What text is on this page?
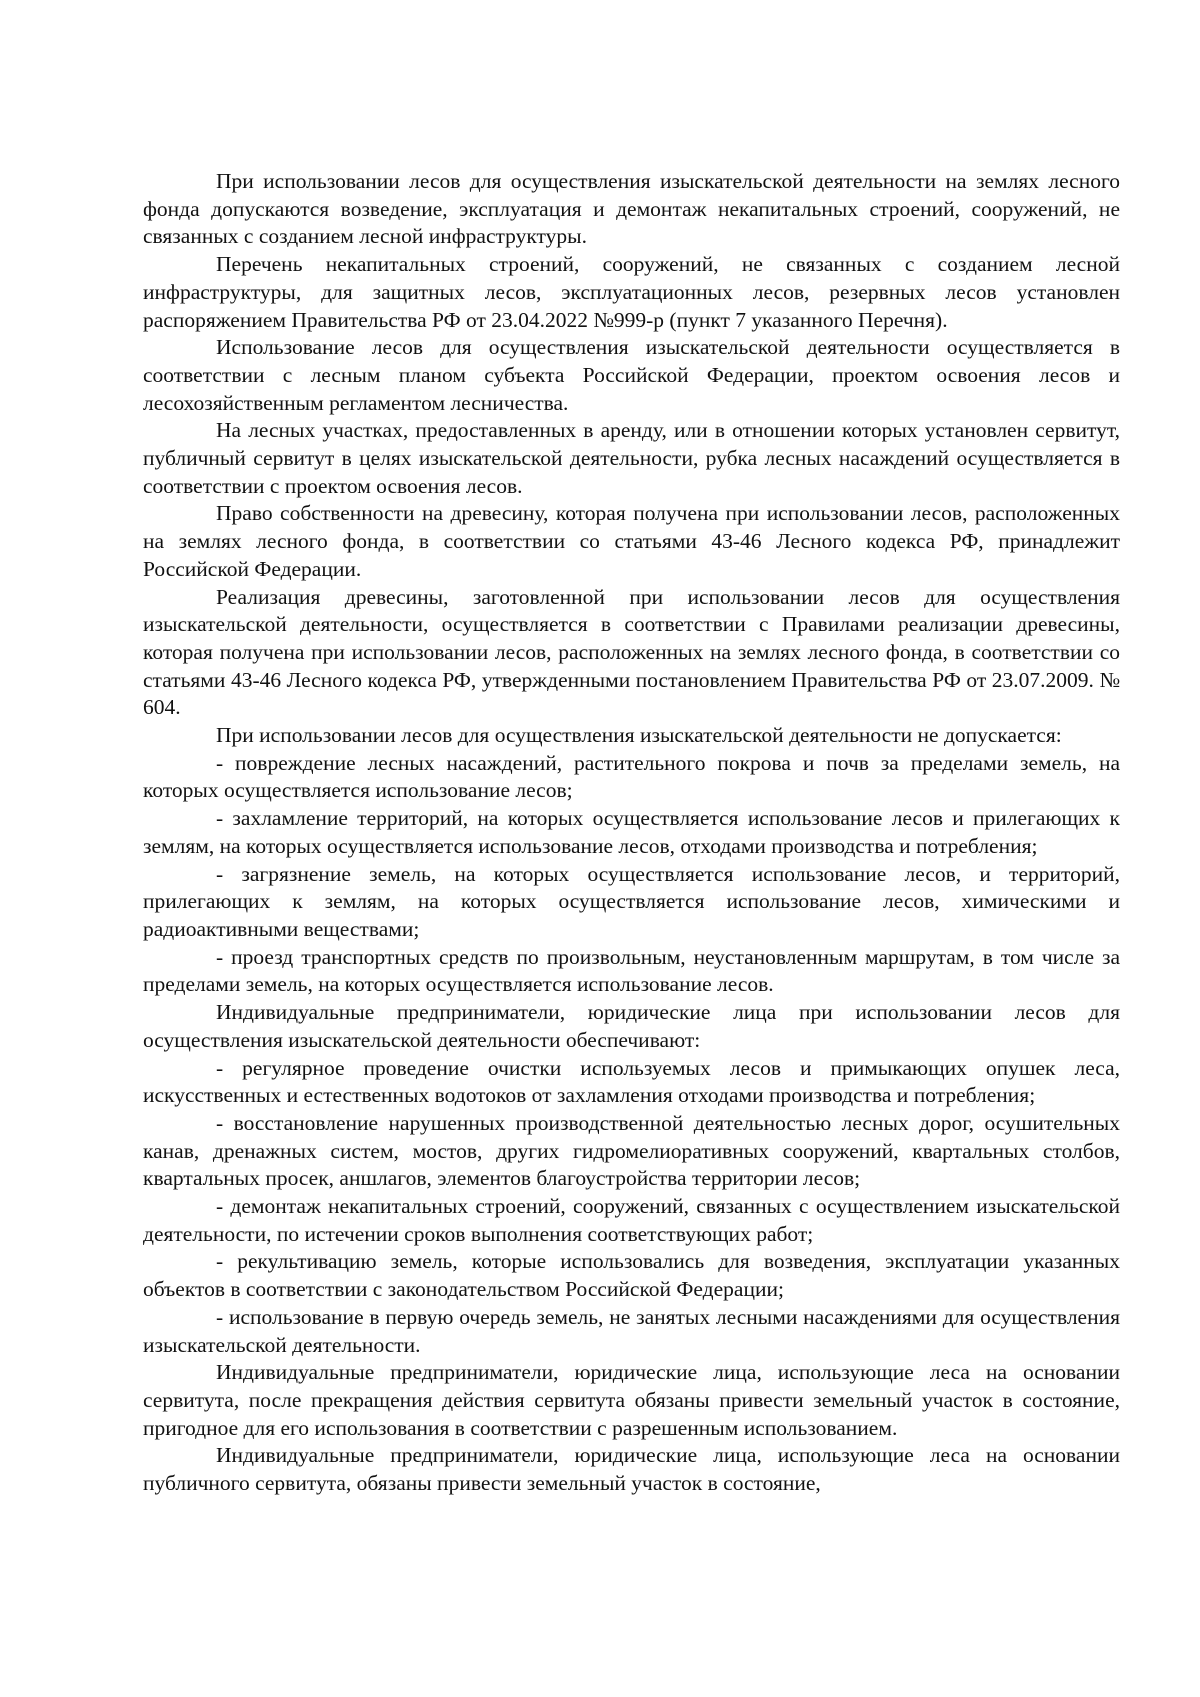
При использовании лесов для осуществления изыскательской деятельности на землях лесного фонда допускаются возведение, эксплуатация и демонтаж некапитальных строений, сооружений, не связанных с созданием лесной инфраструктуры.

Перечень некапитальных строений, сооружений, не связанных с созданием лесной инфраструктуры, для защитных лесов, эксплуатационных лесов, резервных лесов установлен распоряжением Правительства РФ от 23.04.2022 №999-р (пункт 7 указанного Перечня).

Использование лесов для осуществления изыскательской деятельности осуществляется в соответствии с лесным планом субъекта Российской Федерации, проектом освоения лесов и лесохозяйственным регламентом лесничества.

На лесных участках, предоставленных в аренду, или в отношении которых установлен сервитут, публичный сервитут в целях изыскательской деятельности, рубка лесных насаждений осуществляется в соответствии с проектом освоения лесов.

Право собственности на древесину, которая получена при использовании лесов, расположенных на землях лесного фонда, в соответствии со статьями 43-46 Лесного кодекса РФ, принадлежит Российской Федерации.

Реализация древесины, заготовленной при использовании лесов для осуществления изыскательской деятельности, осуществляется в соответствии с Правилами реализации древесины, которая получена при использовании лесов, расположенных на землях лесного фонда, в соответствии со статьями 43-46 Лесного кодекса РФ, утвержденными постановлением Правительства РФ от 23.07.2009. № 604.

При использовании лесов для осуществления изыскательской деятельности не допускается:

- повреждение лесных насаждений, растительного покрова и почв за пределами земель, на которых осуществляется использование лесов;

- захламление территорий, на которых осуществляется использование лесов и прилегающих к землям, на которых осуществляется использование лесов, отходами производства и потребления;

- загрязнение земель, на которых осуществляется использование лесов, и территорий, прилегающих к землям, на которых осуществляется использование лесов, химическими и радиоактивными веществами;

- проезд транспортных средств по произвольным, неустановленным маршрутам, в том числе за пределами земель, на которых осуществляется использование лесов.

Индивидуальные предприниматели, юридические лица при использовании лесов для осуществления изыскательской деятельности обеспечивают:

- регулярное проведение очистки используемых лесов и примыкающих опушек леса, искусственных и естественных водотоков от захламления отходами производства и потребления;

- восстановление нарушенных производственной деятельностью лесных дорог, осушительных канав, дренажных систем, мостов, других гидромелиоративных сооружений, квартальных столбов, квартальных просек, аншлагов, элементов благоустройства территории лесов;

- демонтаж некапитальных строений, сооружений, связанных с осуществлением изыскательской деятельности, по истечении сроков выполнения соответствующих работ;

- рекультивацию земель, которые использовались для возведения, эксплуатации указанных объектов в соответствии с законодательством Российской Федерации;

- использование в первую очередь земель, не занятых лесными насаждениями для осуществления изыскательской деятельности.

Индивидуальные предприниматели, юридические лица, использующие леса на основании сервитута, после прекращения действия сервитута обязаны привести земельный участок в состояние, пригодное для его использования в соответствии с разрешенным использованием.

Индивидуальные предприниматели, юридические лица, использующие леса на основании публичного сервитута, обязаны привести земельный участок в состояние,
